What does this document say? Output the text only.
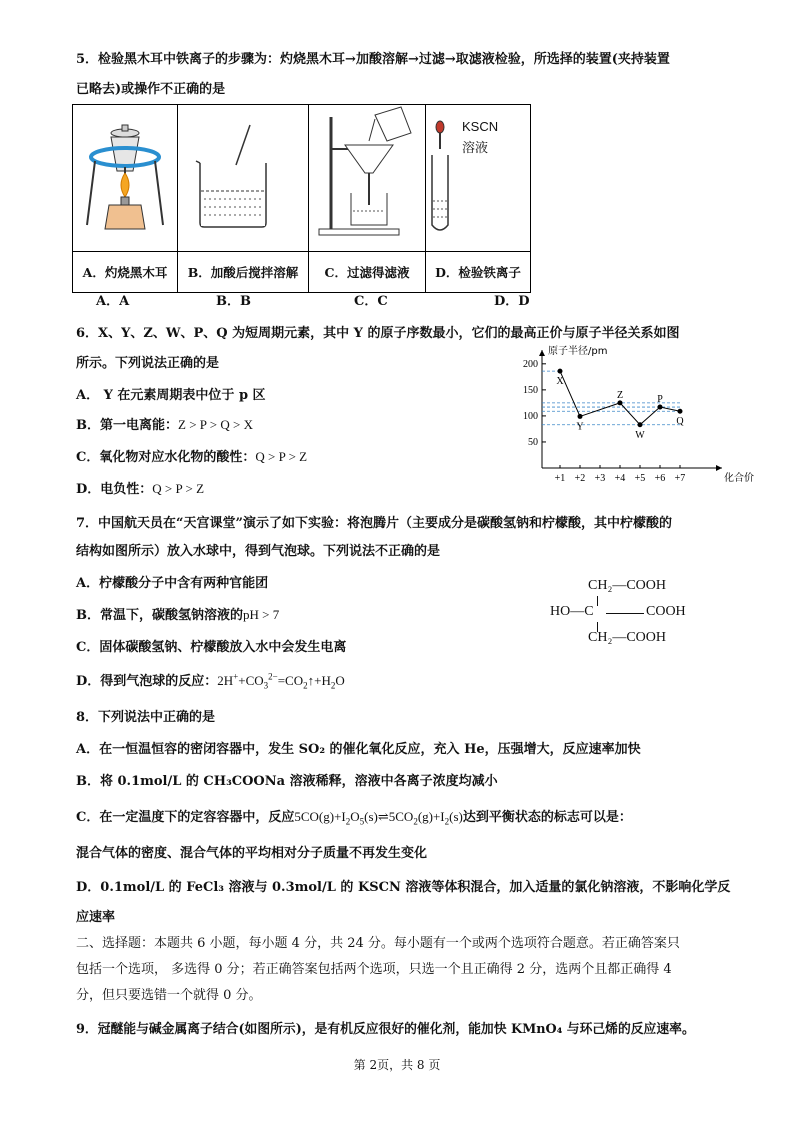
5．检验黑木耳中铁离子的步骤为：灼烧黑木耳→加酸溶解→过滤→取滤液检验，所选择的装置(夹持装置
已略去)或操作不正确的是

KSCN
溶液

A．灼烧黑木耳	B．加酸后搅拌溶解	C．过滤得滤液	D．检验铁离子
A．A	B．B	C．C	D．D
6．X、Y、Z、W、P、Q 为短周期元素，其中 Y 的原子序数最小，它们的最高正价与原子半径关系如图
所示。下列说法正确的是
A． Y 在元素周期表中位于 p 区
B．第一电离能：Z > P > Q > X
C．氧化物对应水化物的酸性：Q > P > Z
D．电负性：Q > P > Z
原子半径/pm
化合价
50
100
150
200
+1 +2 +3 +4 +5 +6 +7
X
Y
Z
W
P
Q
7．中国航天员在“天宫课堂”演示了如下实验：将泡腾片（主要成分是碳酸氢钠和柠檬酸，其中柠檬酸的
结构如图所示）放入水球中，得到气泡球。下列说法不正确的是
A．柠檬酸分子中含有两种官能团
B．常温下，碳酸氢钠溶液的pH > 7
C．固体碳酸氢钠、柠檬酸放入水中会发生电离
D．得到气泡球的反应：$2H^++CO_3^{2-}=CO_2↑+H_2O$
CH₂—COOH
HO—C	COOH
CH₂—COOH
8．下列说法中正确的是
A．在一恒温恒容的密闭容器中，发生 SO₂ 的催化氧化反应，充入 He，压强增大，反应速率加快
B．将 0.1mol/L 的 CH₃COONa 溶液稀释，溶液中各离子浓度均减小
C．在一定温度下的定容容器中，反应$5CO(g)+I_2O_5(s)\rightleftharpoons 5CO_2(g)+I_2(s)$达到平衡状态的标志可以是：
混合气体的密度、混合气体的平均相对分子质量不再发生变化
D．0.1mol/L 的 FeCl₃ 溶液与 0.3mol/L 的 KSCN 溶液等体积混合，加入适量的氯化钠溶液，不影响化学反
应速率
二、选择题：本题共 6 小题，每小题 4 分，共 24 分。每小题有一个或两个选项符合题意。若正确答案只
包括一个选项， 多选得 0 分；若正确答案包括两个选项，只选一个且正确得 2 分，选两个且都正确得 4
分，但只要选错一个就得 0 分。
9．冠醚能与碱金属离子结合(如图所示)，是有机反应很好的催化剂，能加快 KMnO₄ 与环己烯的反应速率。
第 2页，共 8 页
